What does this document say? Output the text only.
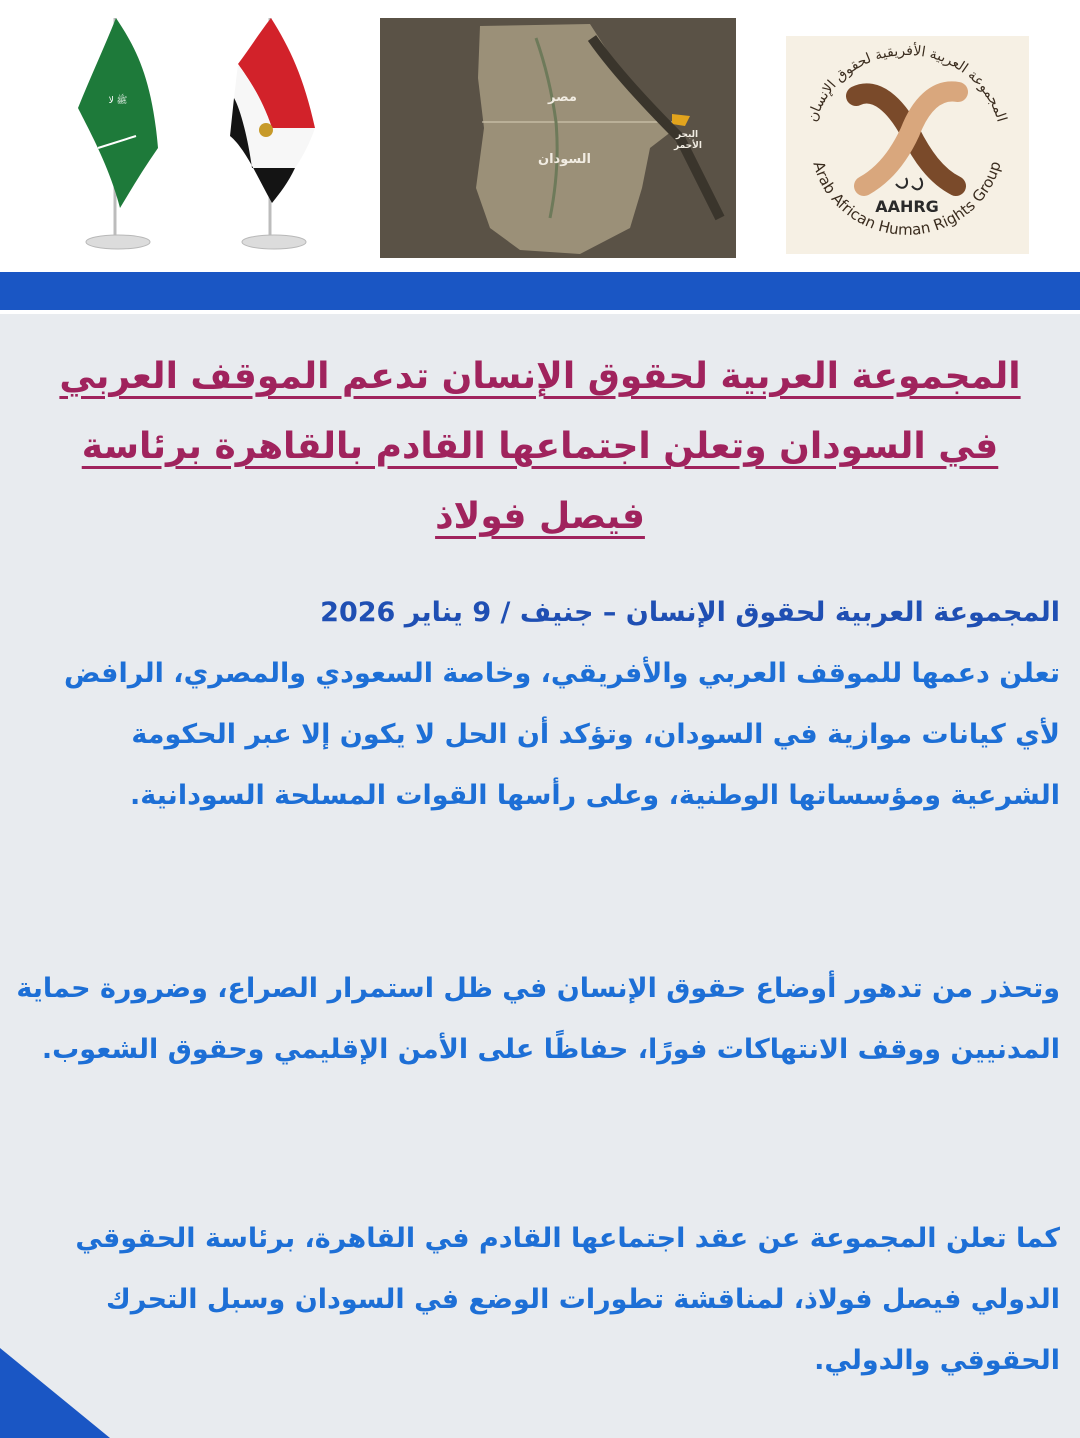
ﷺ ﻻ	مصر
السودان
البحر الأحمر
المجموعة العربية الأفريقية لحقوق الإنسان
Arab African Human Rights Group
AAHRG
المجموعة العربية لحقوق الإنسان تدعم الموقف العربي في السودان وتعلن اجتماعها القادم بالقاهرة برئاسة فيصل فولاذ
المجموعة العربية لحقوق الإنسان – جنيف / 9 يناير 2026
تعلن دعمها للموقف العربي والأفريقي، وخاصة السعودي والمصري، الرافض لأي كيانات موازية في السودان، وتؤكد أن الحل لا يكون إلا عبر الحكومة الشرعية ومؤسساتها الوطنية، وعلى رأسها القوات المسلحة السودانية.
وتحذر من تدهور أوضاع حقوق الإنسان في ظل استمرار الصراع، وضرورة حماية المدنيين ووقف الانتهاكات فورًا، حفاظًا على الأمن الإقليمي وحقوق الشعوب.
كما تعلن المجموعة عن عقد اجتماعها القادم في القاهرة، برئاسة الحقوقي الدولي فيصل فولاذ، لمناقشة تطورات الوضع في السودان وسبل التحرك الحقوقي والدولي.
